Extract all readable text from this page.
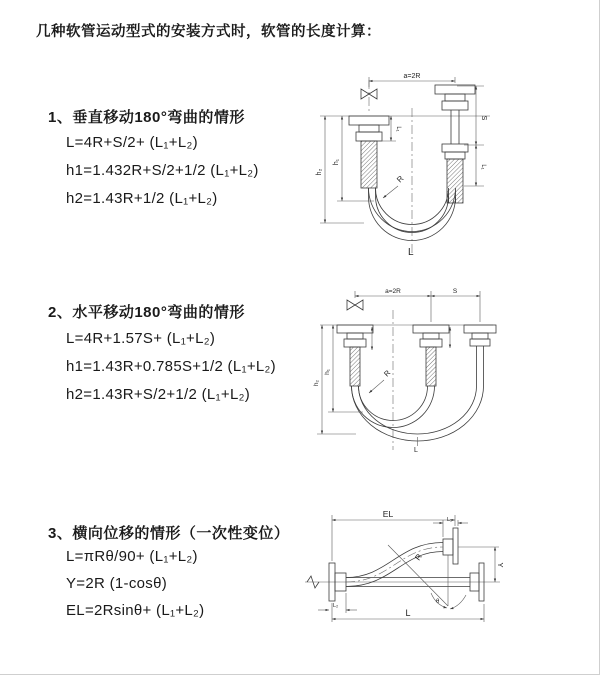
几种软管运动型式的安装方式时，软管的长度计算：
1、垂直移动180°弯曲的情形
L=4R+S/2+ (L₁+L₂)
h1=1.432R+S/2+1/2 (L₁+L₂)
h2=1.43R+1/2 (L₁+L₂)
a=2R
S
L₁
L₁
h₁
h₂
R
L
2、水平移动180°弯曲的情形
L=4R+1.57S+ (L₁+L₂)
h1=1.43R+0.785S+1/2 (L₁+L₂)
h2=1.43R+S/2+1/2 (L₁+L₂)
a=2R	S
h₁
h₂
R
L
3、横向位移的情形（一次性变位）
L=πRθ/90+ (L₁+L₂)
Y=2R (1-cosθ)
EL=2Rsinθ+ (L₁+L₂)
EL
L₁
Y
R
θ
L₂
L
